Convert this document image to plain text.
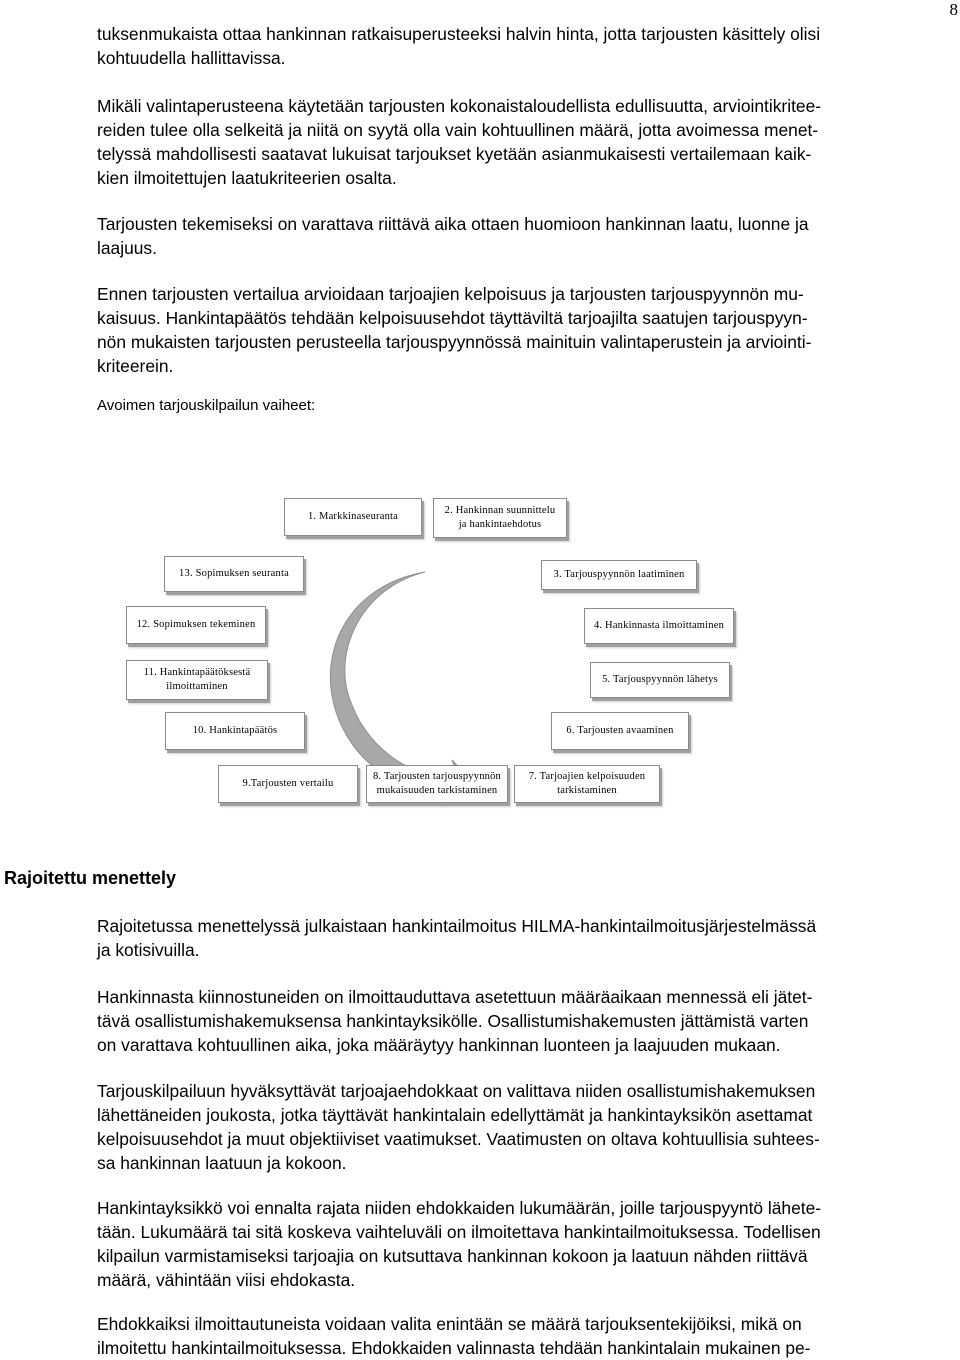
8

tuksenmukaista ottaa hankinnan ratkaisuperusteeksi halvin hinta, jotta tarjousten käsittely olisi
kohtuudella hallittavissa.

Mikäli valintaperusteena käytetään tarjousten kokonaistaloudellista edullisuutta, arviointikritee-
reiden tulee olla selkeitä ja niitä on syytä olla vain kohtuullinen määrä, jotta avoimessa menet-
telyssä mahdollisesti saatavat lukuisat tarjoukset kyetään asianmukaisesti vertailemaan kaik-
kien ilmoitettujen laatukriteerien osalta.

Tarjousten tekemiseksi on varattava riittävä aika ottaen huomioon hankinnan laatu, luonne ja
laajuus.

Ennen tarjousten vertailua arvioidaan tarjoajien kelpoisuus ja tarjousten tarjouspyynnön mu-
kaisuus. Hankintapäätös tehdään kelpoisuusehdot täyttäviltä tarjoajilta saatujen tarjouspyyn-
nön mukaisten tarjousten perusteella tarjouspyynnössä mainituin valintaperustein ja arviointi-
kriteerein.

Avoimen tarjouskilpailun vaiheet:
1. Markkinaseuranta
2. Hankinnan suunnittelu
ja hankintaehdotus
3. Tarjouspyynnön laatiminen
4. Hankinnasta ilmoittaminen
5. Tarjouspyynnön lähetys
6. Tarjousten avaaminen
7. Tarjoajien kelpoisuuden
tarkistaminen
8. Tarjousten tarjouspyynnön
mukaisuuden tarkistaminen
9.Tarjousten vertailu
10. Hankintapäätös
11. Hankintapäätöksestä
ilmoittaminen
12. Sopimuksen tekeminen
13. Sopimuksen seuranta
Rajoitettu menettely

Rajoitetussa menettelyssä julkaistaan hankintailmoitus HILMA-hankintailmoitusjärjestelmässä
ja kotisivuilla.

Hankinnasta kiinnostuneiden on ilmoittauduttava asetettuun määräaikaan mennessä eli jätet-
tävä osallistumishakemuksensa hankintayksikölle. Osallistumishakemusten jättämistä varten
on varattava kohtuullinen aika, joka määräytyy hankinnan luonteen ja laajuuden mukaan.

Tarjouskilpailuun hyväksyttävät tarjoajaehdokkaat on valittava niiden osallistumishakemuksen
lähettäneiden joukosta, jotka täyttävät hankintalain edellyttämät ja hankintayksikön asettamat
kelpoisuusehdot ja muut objektiiviset vaatimukset. Vaatimusten on oltava kohtuullisia suhtees-
sa hankinnan laatuun ja kokoon.

Hankintayksikkö voi ennalta rajata niiden ehdokkaiden lukumäärän, joille tarjouspyyntö lähete-
tään. Lukumäärä tai sitä koskeva vaihteluväli on ilmoitettava hankintailmoituksessa. Todellisen
kilpailun varmistamiseksi tarjoajia on kutsuttava hankinnan kokoon ja laatuun nähden riittävä
määrä, vähintään viisi ehdokasta.

Ehdokkaiksi ilmoittautuneista voidaan valita enintään se määrä tarjouksentekijöiksi, mikä on
ilmoitettu hankintailmoituksessa. Ehdokkaiden valinnasta tehdään hankintalain mukainen pe-
